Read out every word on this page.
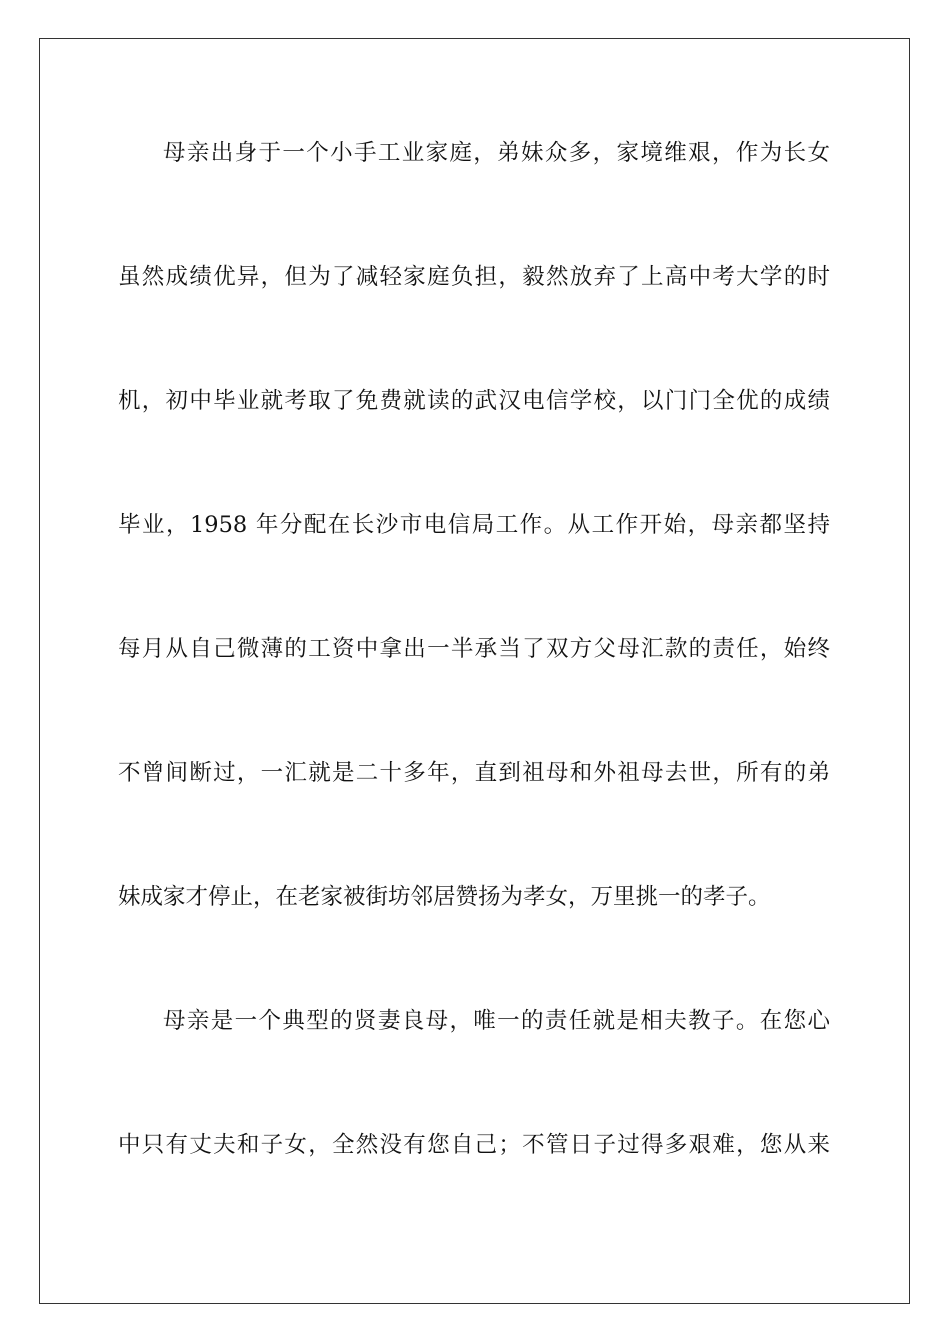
母亲出身于一个小手工业家庭，弟妹众多，家境维艰，作为长女
虽然成绩优异，但为了减轻家庭负担，毅然放弃了上高中考大学的时
机，初中毕业就考取了免费就读的武汉电信学校，以门门全优的成绩
毕业，1958 年分配在长沙市电信局工作。从工作开始，母亲都坚持
每月从自己微薄的工资中拿出一半承当了双方父母汇款的责任，始终
不曾间断过，一汇就是二十多年，直到祖母和外祖母去世，所有的弟
妹成家才停止，在老家被街坊邻居赞扬为孝女，万里挑一的孝子。
母亲是一个典型的贤妻良母，唯一的责任就是相夫教子。在您心
中只有丈夫和子女，全然没有您自己；不管日子过得多艰难，您从来
